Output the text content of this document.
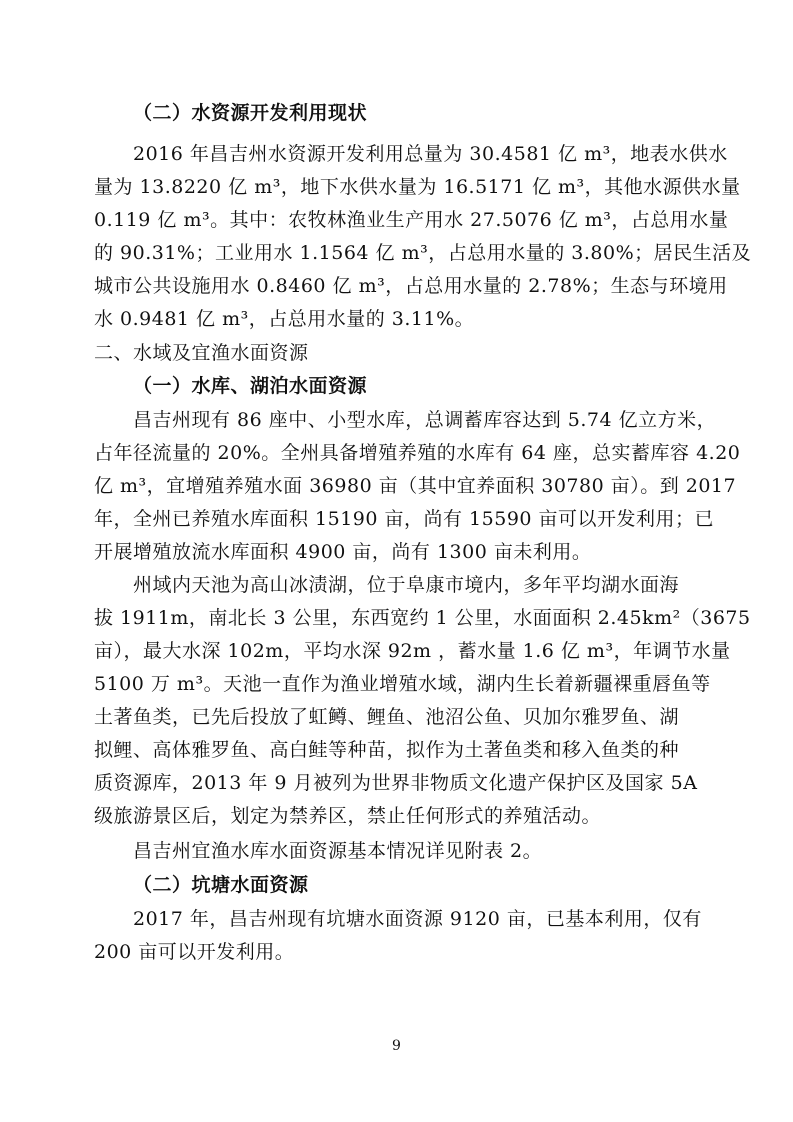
（二）水资源开发利用现状
2016 年昌吉州水资源开发利用总量为 30.4581 亿 m³，地表水供水
量为 13.8220 亿 m³，地下水供水量为 16.5171 亿 m³，其他水源供水量
0.119 亿 m³。其中：农牧林渔业生产用水 27.5076 亿 m³，占总用水量
的 90.31%；工业用水 1.1564 亿 m³，占总用水量的 3.80%；居民生活及
城市公共设施用水 0.8460 亿 m³，占总用水量的 2.78%；生态与环境用
水 0.9481 亿 m³，占总用水量的 3.11%。
二、水域及宜渔水面资源
（一）水库、湖泊水面资源
昌吉州现有 86 座中、小型水库，总调蓄库容达到 5.74 亿立方米，
占年径流量的 20%。全州具备增殖养殖的水库有 64 座，总实蓄库容 4.20
亿 m³，宜增殖养殖水面 36980 亩（其中宜养面积 30780 亩）。到 2017
年，全州已养殖水库面积 15190 亩，尚有 15590 亩可以开发利用；已
开展增殖放流水库面积 4900 亩，尚有 1300 亩未利用。
州域内天池为高山冰渍湖，位于阜康市境内，多年平均湖水面海
拔 1911m，南北长 3 公里，东西宽约 1 公里，水面面积 2.45km²（3675
亩），最大水深 102m，平均水深 92m ，蓄水量 1.6 亿 m³，年调节水量
5100 万 m³。天池一直作为渔业增殖水域，湖内生长着新疆裸重唇鱼等
土著鱼类，已先后投放了虹鳟、鲤鱼、池沼公鱼、贝加尔雅罗鱼、湖
拟鲤、高体雅罗鱼、高白鲑等种苗，拟作为土著鱼类和移入鱼类的种
质资源库，2013 年 9 月被列为世界非物质文化遗产保护区及国家 5A
级旅游景区后，划定为禁养区，禁止任何形式的养殖活动。
昌吉州宜渔水库水面资源基本情况详见附表 2。
（二）坑塘水面资源
2017 年，昌吉州现有坑塘水面资源 9120 亩，已基本利用，仅有
200 亩可以开发利用。
9
